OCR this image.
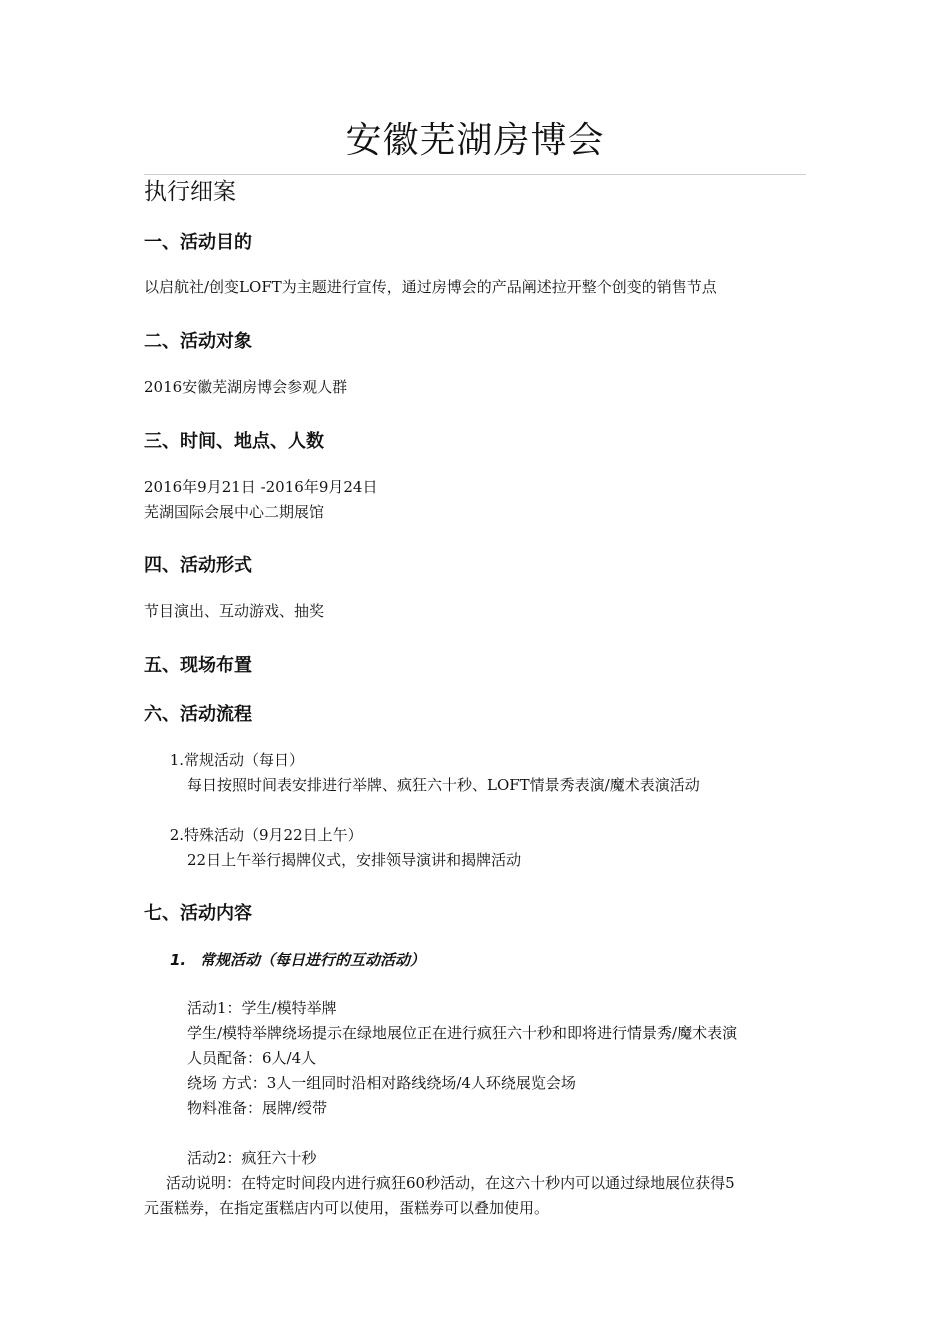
安徽芜湖房博会
执行细案
一、活动目的
以启航社/创变LOFT为主题进行宣传，通过房博会的产品阐述拉开整个创变的销售节点
二、活动对象
2016安徽芜湖房博会参观人群
三、时间、地点、人数
2016年9月21日 -2016年9月24日
芜湖国际会展中心二期展馆
四、活动形式
节目演出、互动游戏、抽奖
五、现场布置
六、活动流程
1.常规活动（每日）
每日按照时间表安排进行举牌、疯狂六十秒、LOFT情景秀表演/魔术表演活动
2.特殊活动（9月22日上午）
22日上午举行揭牌仪式，安排领导演讲和揭牌活动
七、活动内容
1. 常规活动（每日进行的互动活动）
活动1：学生/模特举牌
学生/模特举牌绕场提示在绿地展位正在进行疯狂六十秒和即将进行情景秀/魔术表演
人员配备：6人/4人
绕场 方式：3人一组同时沿相对路线绕场/4人环绕展览会场
物料准备：展牌/绶带
活动2：疯狂六十秒
活动说明：在特定时间段内进行疯狂60秒活动，在这六十秒内可以通过绿地展位获得5
元蛋糕券，在指定蛋糕店内可以使用，蛋糕券可以叠加使用。
